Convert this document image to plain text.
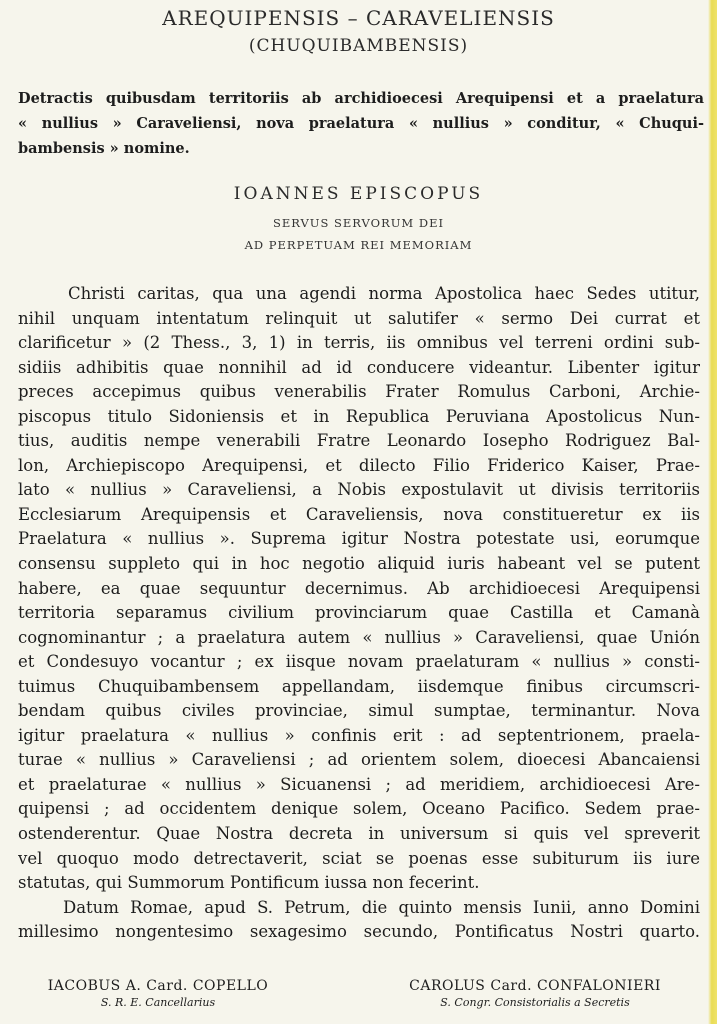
AREQUIPENSIS – CARAVELIENSIS
(CHUQUIBAMBENSIS)
Detractis quibusdam territoriis ab archidioecesi Arequipensi et a praelatura
« nullius » Caraveliensi, nova praelatura « nullius » conditur, « Chuqui-
bambensis » nomine.
IOANNES EPISCOPUS
SERVUS SERVORUM DEI
AD PERPETUAM REI MEMORIAM
Christi caritas, qua una agendi norma Apostolica haec Sedes utitur,
nihil unquam intentatum relinquit ut salutifer « sermo Dei currat et
clarificetur » (2 Thess., 3, 1) in terris, iis omnibus vel terreni ordini sub-
sidiis adhibitis quae nonnihil ad id conducere videantur. Libenter igitur
preces accepimus quibus venerabilis Frater Romulus Carboni, Archie-
piscopus titulo Sidoniensis et in Republica Peruviana Apostolicus Nun-
tius, auditis nempe venerabili Fratre Leonardo Iosepho Rodriguez Bal-
lon, Archiepiscopo Arequipensi, et dilecto Filio Friderico Kaiser, Prae-
lato « nullius » Caraveliensi, a Nobis expostulavit ut divisis territoriis
Ecclesiarum Arequipensis et Caraveliensis, nova constitueretur ex iis
Praelatura « nullius ». Suprema igitur Nostra potestate usi, eorumque
consensu suppleto qui in hoc negotio aliquid iuris habeant vel se putent
habere, ea quae sequuntur decernimus. Ab archidioecesi Arequipensi
territoria separamus civilium provinciarum quae Castilla et Camanà
cognominantur ; a praelatura autem « nullius » Caraveliensi, quae Unión
et Condesuyo vocantur ; ex iisque novam praelaturam « nullius » consti-
tuimus Chuquibambensem appellandam, iisdemque finibus circumscri-
bendam quibus civiles provinciae, simul sumptae, terminantur. Nova
igitur praelatura « nullius » confinis erit : ad septentrionem, praela-
turae « nullius » Caraveliensi ; ad orientem solem, dioecesi Abancaiensi
et praelaturae « nullius » Sicuanensi ; ad meridiem, archidioecesi Are-
quipensi ; ad occidentem denique solem, Oceano Pacifico. Sedem prae-
ostenderentur. Quae Nostra decreta in universum si quis vel spreverit
vel quoquo modo detrectaverit, sciat se poenas esse subiturum iis iure
statutas, qui Summorum Pontificum iussa non fecerint.
Datum Romae, apud S. Petrum, die quinto mensis Iunii, anno Domini
millesimo nongentesimo sexagesimo secundo, Pontificatus Nostri quarto.
IACOBUS A. Card. COPELLO
S. R. E. Cancellarius
CAROLUS Card. CONFALONIERI
S. Congr. Consistorialis a Secretis
